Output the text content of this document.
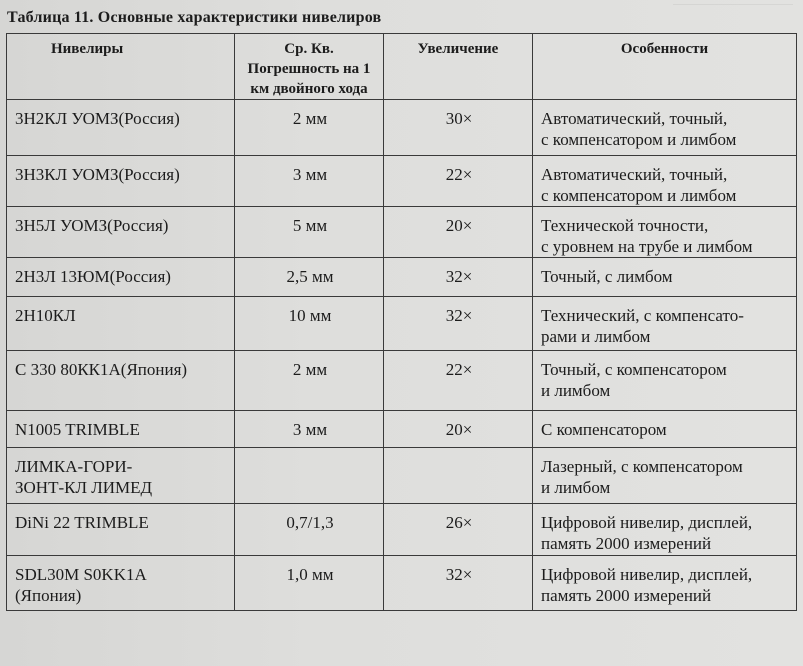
Таблица 11. Основные характеристики нивелиров
Нивелиры	Ср. Кв. Погрешность на 1 км двойного хода	Увеличение	Особенности
3Н2КЛ УОМЗ(Россия)	2 мм	30×	Автоматический, точный,
с компенсатором и лимбом
3Н3КЛ УОМЗ(Россия)	3 мм	22×	Автоматический, точный,
с компенсатором и лимбом
3Н5Л УОМЗ(Россия)	5 мм	20×	Технической точности,
с уровнем на трубе и лимбом
2Н3Л 13ЮМ(Россия)	2,5 мм	32×	Точный, с лимбом
2Н10КЛ	10 мм	32×	Технический, с компенсато-
рами и лимбом
С 330 80КК1А(Япония)	2 мм	22×	Точный, с компенсатором
и лимбом
N1005 TRIMBLE	3 мм	20×	С компенсатором
ЛИМКА-ГОРИ-
ЗОНТ-КЛ ЛИМЕД			Лазерный, с компенсатором
и лимбом
DiNi 22 TRIMBLE	0,7/1,3	26×	Цифровой нивелир, дисплей,
память 2000 измерений
SDL30M S0KK1A
(Япония)	1,0 мм	32×	Цифровой нивелир, дисплей,
память 2000 измерений
